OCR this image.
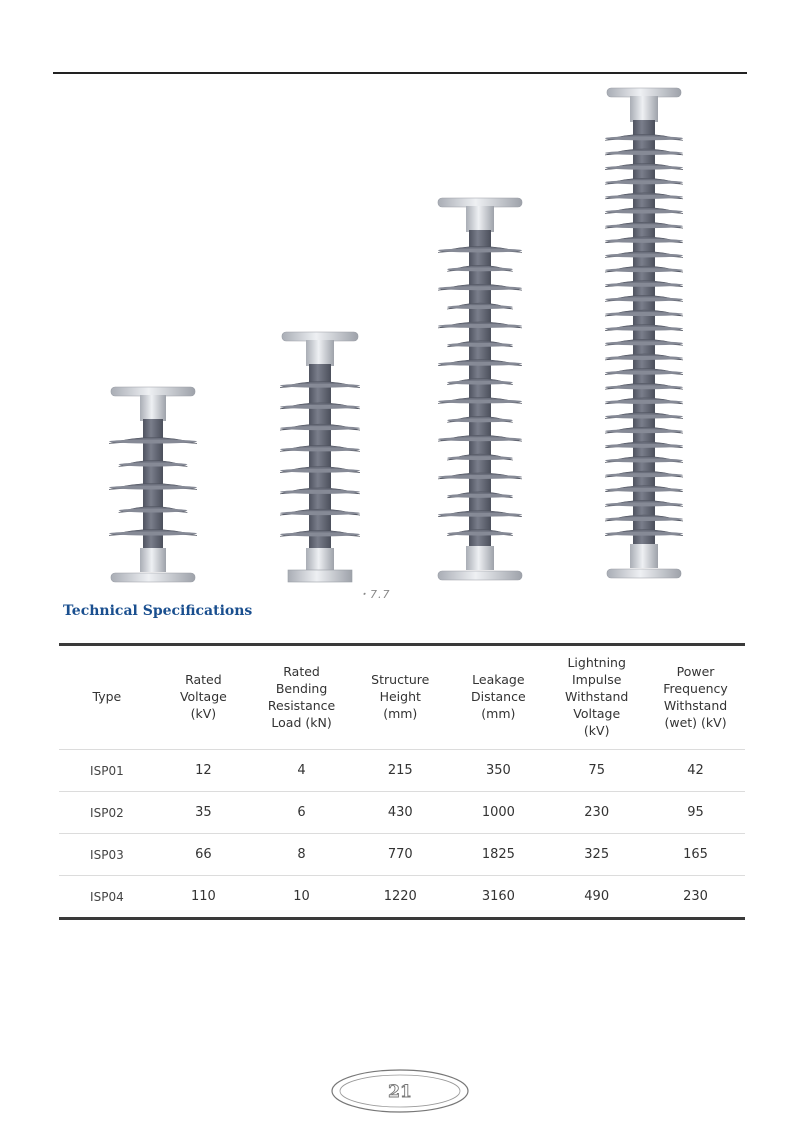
・7.7
Technical Specifications

Type	Rated
Voltage
(kV)	Rated
Bending
Resistance
Load (kN)	Structure
Height
(mm)	Leakage
Distance
(mm)	Lightning
Impulse
Withstand
Voltage
(kV)	Power
Frequency
Withstand
(wet) (kV)
ISP01	12	4	215	350	75	42
ISP02	35	6	430	1000	230	95
ISP03	66	8	770	1825	325	165
ISP04	110	10	1220	3160	490	230

21
